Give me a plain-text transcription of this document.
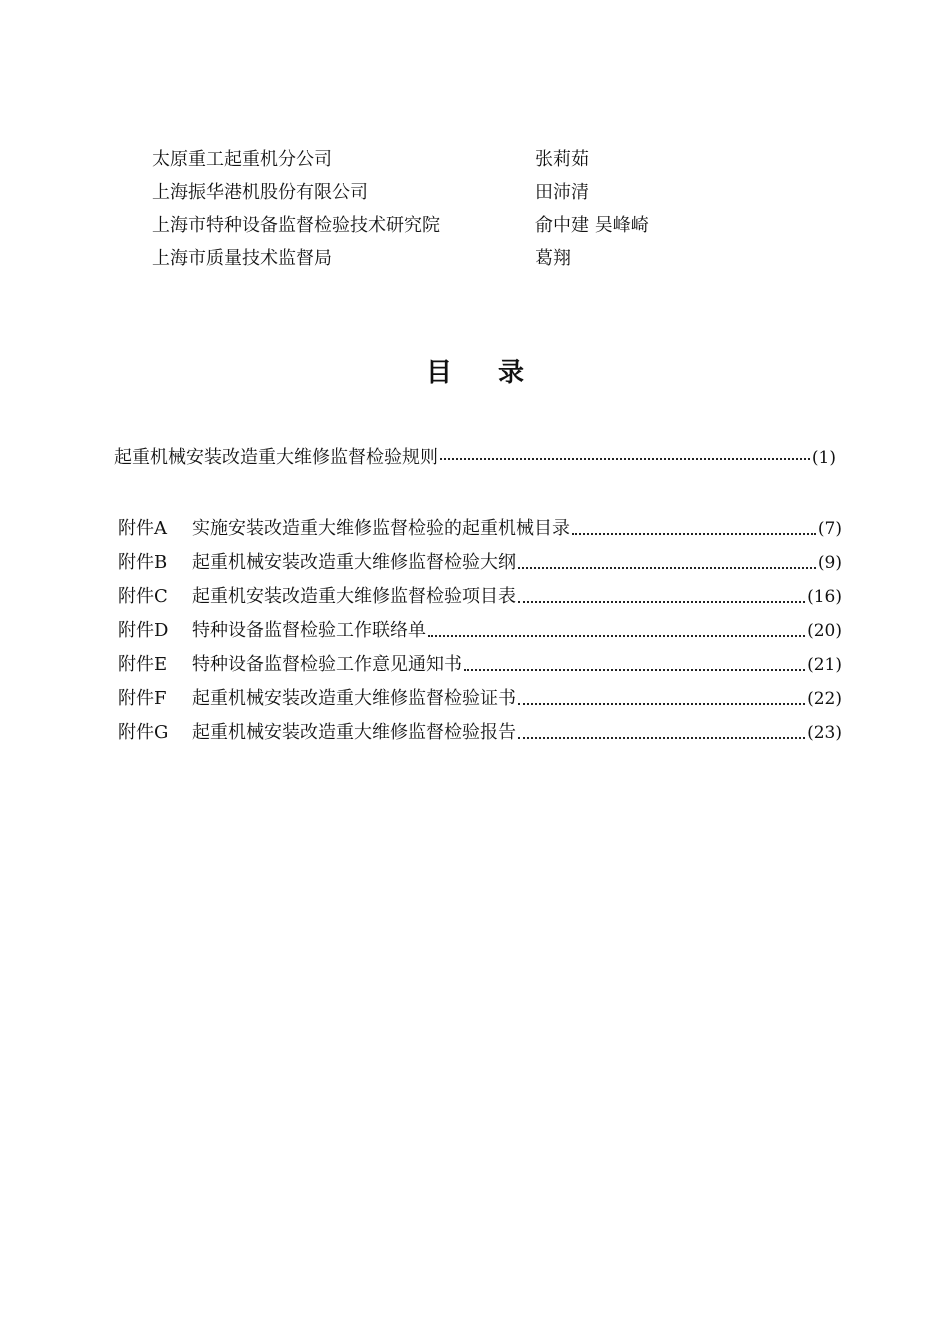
太原重工起重机分公司	张莉茹
上海振华港机股份有限公司	田沛清
上海市特种设备监督检验技术研究院	俞中建 吴峰崎
上海市质量技术监督局	葛翔
目录
起重机械安装改造重大维修监督检验规则	(1)
附件A	实施安装改造重大维修监督检验的起重机械目录	(7)
附件B	起重机械安装改造重大维修监督检验大纲	(9)
附件C	起重机安装改造重大维修监督检验项目表	(16)
附件D	特种设备监督检验工作联络单	(20)
附件E	特种设备监督检验工作意见通知书	(21)
附件F	起重机械安装改造重大维修监督检验证书	(22)
附件G	起重机械安装改造重大维修监督检验报告	(23)
